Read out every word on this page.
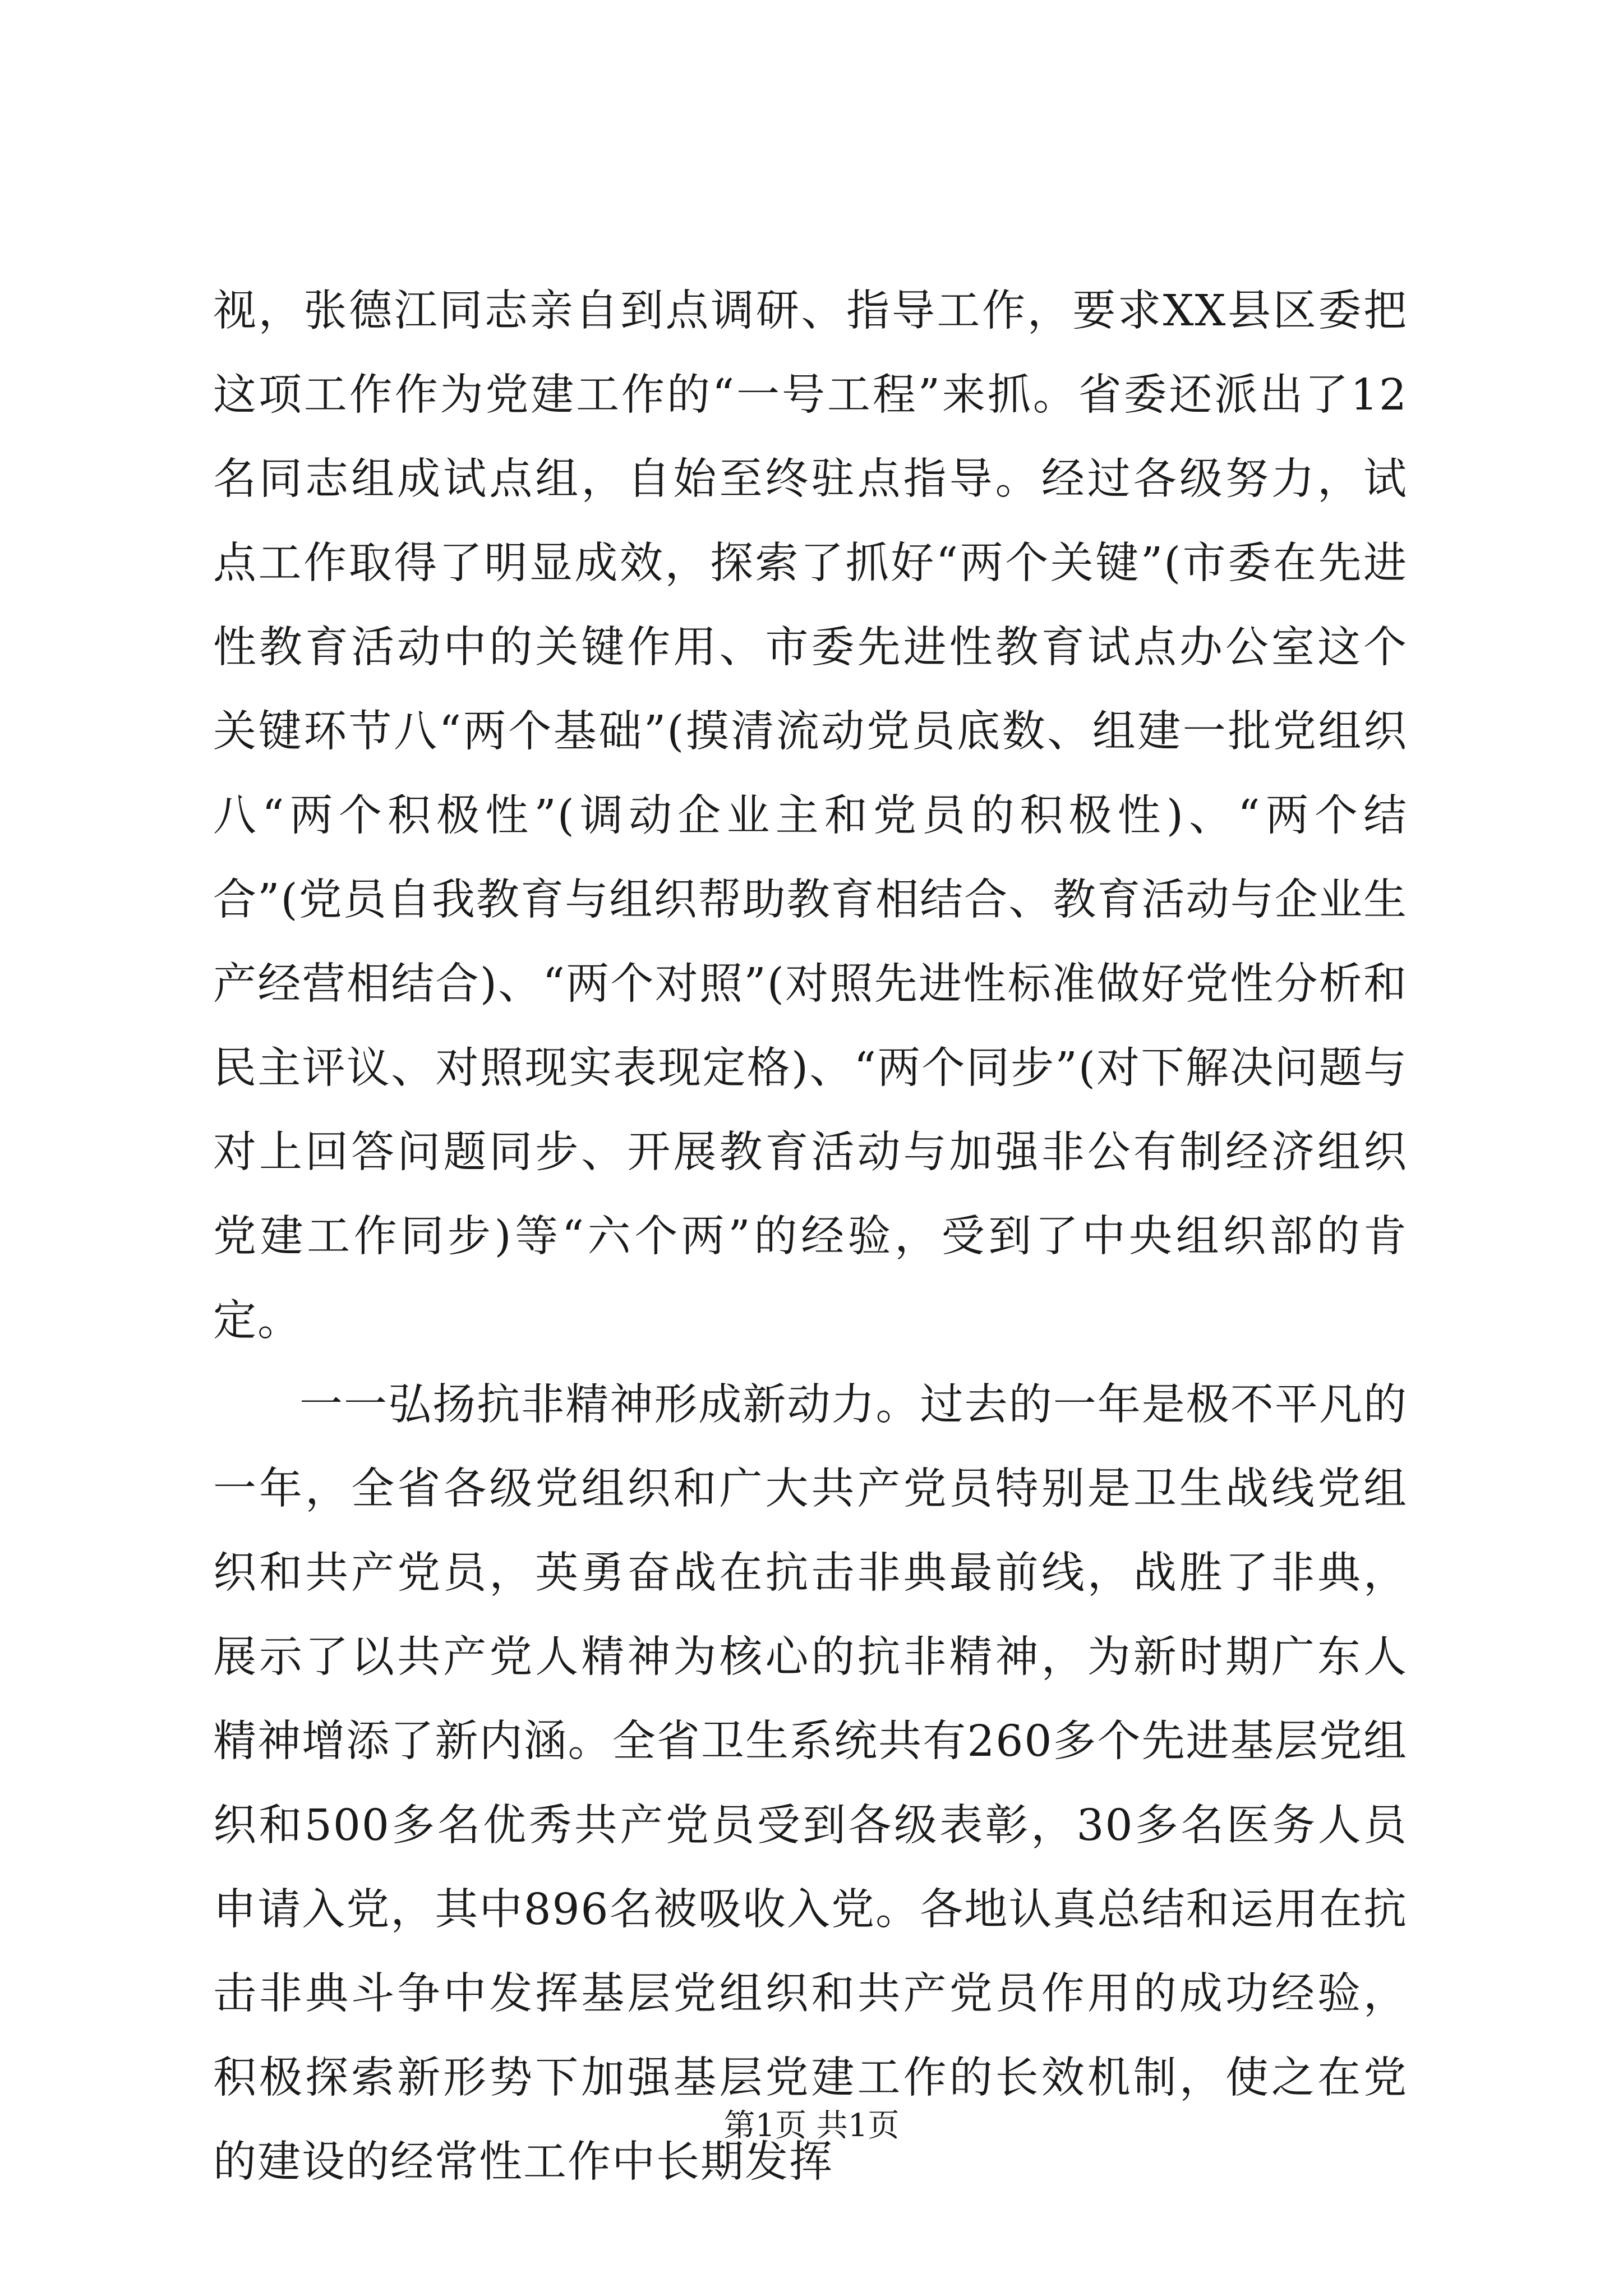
视，张德江同志亲自到点调研、指导工作，要求XX县区委把这项工作作为党建工作的“一号工程”来抓。省委还派出了12名同志组成试点组，自始至终驻点指导。经过各级努力，试点工作取得了明显成效，探索了抓好“两个关键”(市委在先进性教育活动中的关键作用、市委先进性教育试点办公室这个关键环节八“两个基础”(摸清流动党员底数、组建一批党组织八“两个积极性”(调动企业主和党员的积极性)、“两个结合”(党员自我教育与组织帮助教育相结合、教育活动与企业生产经营相结合)、“两个对照”(对照先进性标准做好党性分析和民主评议、对照现实表现定格)、“两个同步”(对下解决问题与对上回答问题同步、开展教育活动与加强非公有制经济组织党建工作同步)等“六个两”的经验，受到了中央组织部的肯定。

一一弘扬抗非精神形成新动力。过去的一年是极不平凡的一年，全省各级党组织和广大共产党员特别是卫生战线党组织和共产党员，英勇奋战在抗击非典最前线，战胜了非典，展示了以共产党人精神为核心的抗非精神，为新时期广东人精神增添了新内涵。全省卫生系统共有260多个先进基层党组织和500多名优秀共产党员受到各级表彰，30多名医务人员申请入党，其中896名被吸收入党。各地认真总结和运用在抗击非典斗争中发挥基层党组织和共产党员作用的成功经验，积极探索新形势下加强基层党建工作的长效机制，使之在党的建设的经常性工作中长期发挥

第1页 共1页
